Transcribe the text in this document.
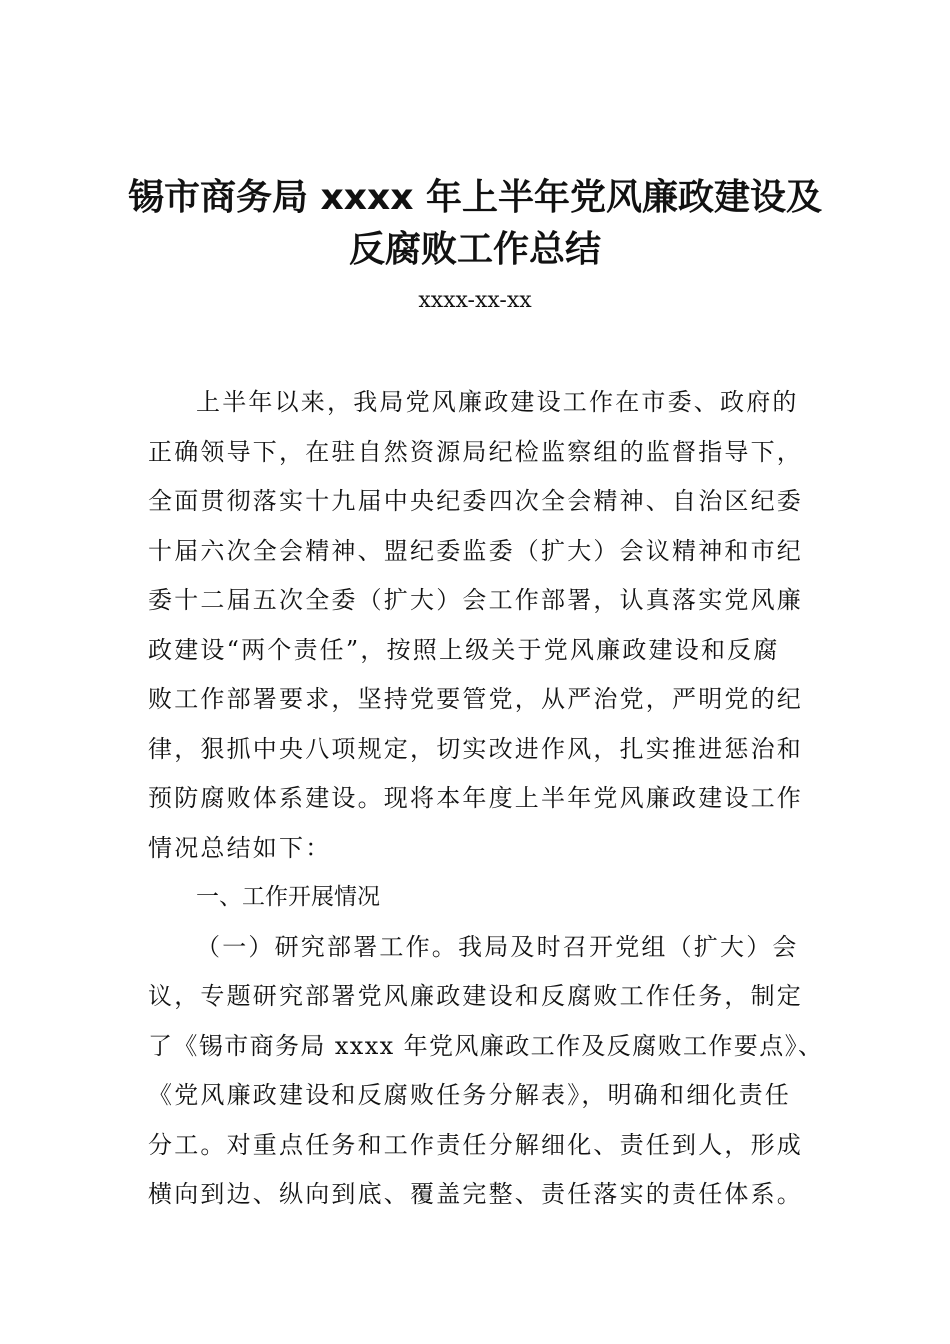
锡市商务局 xxxx 年上半年党风廉政建设及
反腐败工作总结
xxxx-xx-xx
上半年以来，我局党风廉政建设工作在市委、政府的
正确领导下，在驻自然资源局纪检监察组的监督指导下，
全面贯彻落实十九届中央纪委四次全会精神、自治区纪委
十届六次全会精神、盟纪委监委（扩大）会议精神和市纪
委十二届五次全委（扩大）会工作部署，认真落实党风廉
政建设“两个责任”，按照上级关于党风廉政建设和反腐
败工作部署要求，坚持党要管党，从严治党，严明党的纪
律，狠抓中央八项规定，切实改进作风，扎实推进惩治和
预防腐败体系建设。现将本年度上半年党风廉政建设工作
情况总结如下：
一、工作开展情况
（一）研究部署工作。我局及时召开党组（扩大）会
议，专题研究部署党风廉政建设和反腐败工作任务，制定
了《锡市商务局 xxxx 年党风廉政工作及反腐败工作要点》、
《党风廉政建设和反腐败任务分解表》，明确和细化责任
分工。对重点任务和工作责任分解细化、责任到人，形成
横向到边、纵向到底、覆盖完整、责任落实的责任体系。
